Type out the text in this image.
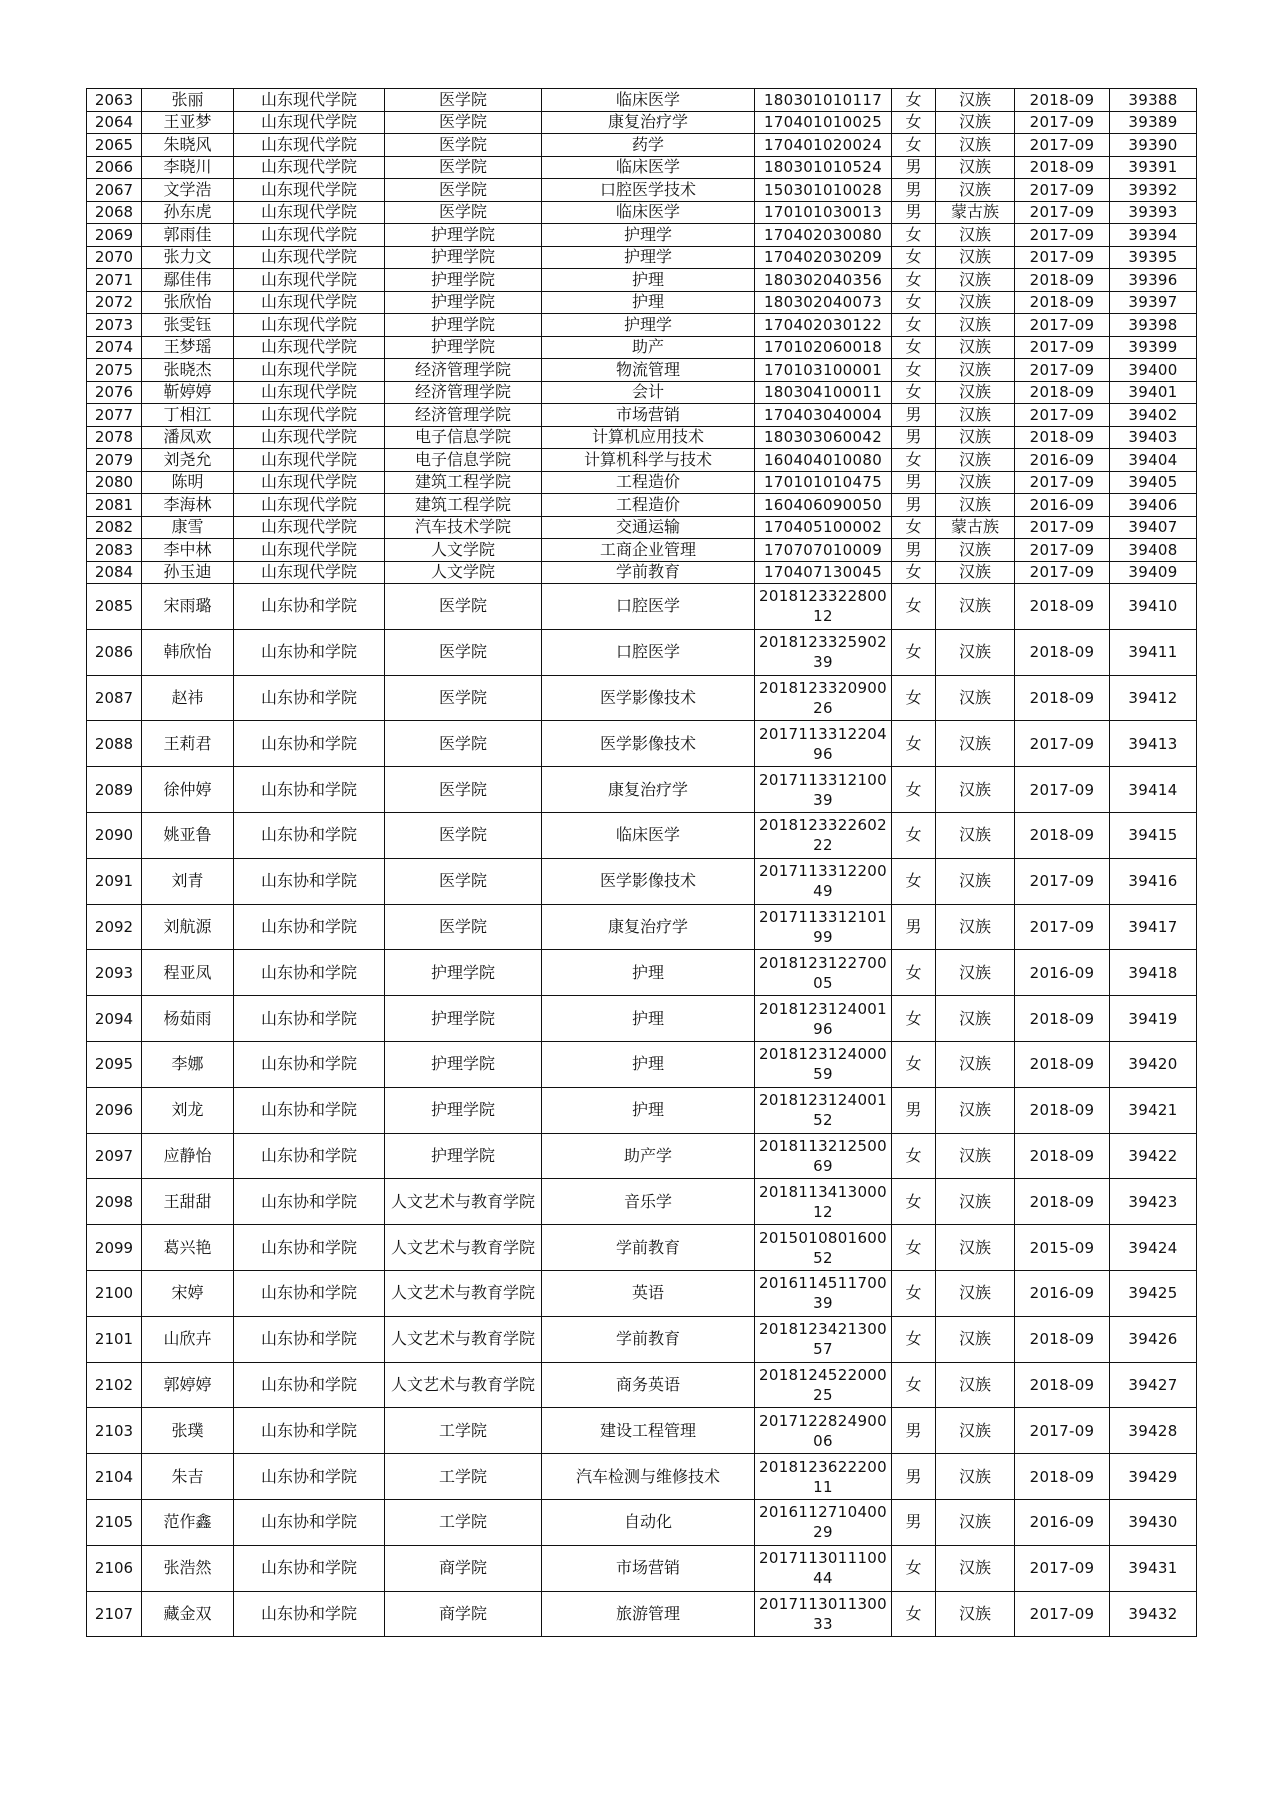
2063	张丽	山东现代学院	医学院	临床医学	180301010117	女	汉族	2018-09	39388
2064	王亚梦	山东现代学院	医学院	康复治疗学	170401010025	女	汉族	2017-09	39389
2065	朱晓风	山东现代学院	医学院	药学	170401020024	女	汉族	2017-09	39390
2066	李晓川	山东现代学院	医学院	临床医学	180301010524	男	汉族	2018-09	39391
2067	文学浩	山东现代学院	医学院	口腔医学技术	150301010028	男	汉族	2017-09	39392
2068	孙东虎	山东现代学院	医学院	临床医学	170101030013	男	蒙古族	2017-09	39393
2069	郭雨佳	山东现代学院	护理学院	护理学	170402030080	女	汉族	2017-09	39394
2070	张力文	山东现代学院	护理学院	护理学	170402030209	女	汉族	2017-09	39395
2071	鄢佳伟	山东现代学院	护理学院	护理	180302040356	女	汉族	2018-09	39396
2072	张欣怡	山东现代学院	护理学院	护理	180302040073	女	汉族	2018-09	39397
2073	张雯钰	山东现代学院	护理学院	护理学	170402030122	女	汉族	2017-09	39398
2074	王梦瑶	山东现代学院	护理学院	助产	170102060018	女	汉族	2017-09	39399
2075	张晓杰	山东现代学院	经济管理学院	物流管理	170103100001	女	汉族	2017-09	39400
2076	靳婷婷	山东现代学院	经济管理学院	会计	180304100011	女	汉族	2018-09	39401
2077	丁相江	山东现代学院	经济管理学院	市场营销	170403040004	男	汉族	2017-09	39402
2078	潘凤欢	山东现代学院	电子信息学院	计算机应用技术	180303060042	男	汉族	2018-09	39403
2079	刘尧允	山东现代学院	电子信息学院	计算机科学与技术	160404010080	女	汉族	2016-09	39404
2080	陈明	山东现代学院	建筑工程学院	工程造价	170101010475	男	汉族	2017-09	39405
2081	李海林	山东现代学院	建筑工程学院	工程造价	160406090050	男	汉族	2016-09	39406
2082	康雪	山东现代学院	汽车技术学院	交通运输	170405100002	女	蒙古族	2017-09	39407
2083	李中林	山东现代学院	人文学院	工商企业管理	170707010009	男	汉族	2017-09	39408
2084	孙玉迪	山东现代学院	人文学院	学前教育	170407130045	女	汉族	2017-09	39409
2085	宋雨璐	山东协和学院	医学院	口腔医学	201812332280012	女	汉族	2018-09	39410
2086	韩欣怡	山东协和学院	医学院	口腔医学	201812332590239	女	汉族	2018-09	39411
2087	赵祎	山东协和学院	医学院	医学影像技术	201812332090026	女	汉族	2018-09	39412
2088	王莉君	山东协和学院	医学院	医学影像技术	201711331220496	女	汉族	2017-09	39413
2089	徐仲婷	山东协和学院	医学院	康复治疗学	201711331210039	女	汉族	2017-09	39414
2090	姚亚鲁	山东协和学院	医学院	临床医学	201812332260222	女	汉族	2018-09	39415
2091	刘青	山东协和学院	医学院	医学影像技术	201711331220049	女	汉族	2017-09	39416
2092	刘航源	山东协和学院	医学院	康复治疗学	201711331210199	男	汉族	2017-09	39417
2093	程亚凤	山东协和学院	护理学院	护理	201812312270005	女	汉族	2016-09	39418
2094	杨茹雨	山东协和学院	护理学院	护理	201812312400196	女	汉族	2018-09	39419
2095	李娜	山东协和学院	护理学院	护理	201812312400059	女	汉族	2018-09	39420
2096	刘龙	山东协和学院	护理学院	护理	201812312400152	男	汉族	2018-09	39421
2097	应静怡	山东协和学院	护理学院	助产学	201811321250069	女	汉族	2018-09	39422
2098	王甜甜	山东协和学院	人文艺术与教育学院	音乐学	201811341300012	女	汉族	2018-09	39423
2099	葛兴艳	山东协和学院	人文艺术与教育学院	学前教育	201501080160052	女	汉族	2015-09	39424
2100	宋婷	山东协和学院	人文艺术与教育学院	英语	201611451170039	女	汉族	2016-09	39425
2101	山欣卉	山东协和学院	人文艺术与教育学院	学前教育	201812342130057	女	汉族	2018-09	39426
2102	郭婷婷	山东协和学院	人文艺术与教育学院	商务英语	201812452200025	女	汉族	2018-09	39427
2103	张璞	山东协和学院	工学院	建设工程管理	201712282490006	男	汉族	2017-09	39428
2104	朱吉	山东协和学院	工学院	汽车检测与维修技术	201812362220011	男	汉族	2018-09	39429
2105	范作鑫	山东协和学院	工学院	自动化	201611271040029	男	汉族	2016-09	39430
2106	张浩然	山东协和学院	商学院	市场营销	201711301110044	女	汉族	2017-09	39431
2107	藏金双	山东协和学院	商学院	旅游管理	201711301130033	女	汉族	2017-09	39432
